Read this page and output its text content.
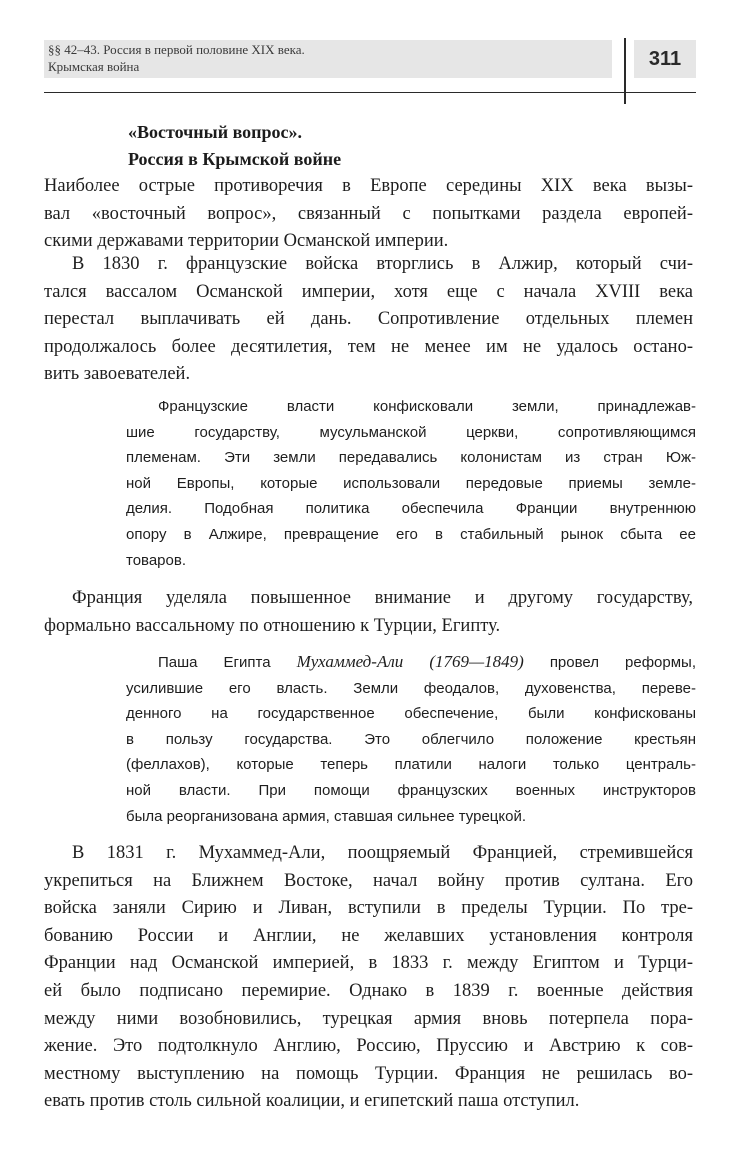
§§ 42–43. Россия в первой половине XIX века.
Крымская война	311
«Восточный вопрос».
Россия в Крымской войне
Наиболее острые противоречия в Европе середины XIX века вызы-
вал «восточный вопрос», связанный с попытками раздела европей-
скими державами территории Османской империи.
В 1830 г. французские войска вторглись в Алжир, который счи-
тался вассалом Османской империи, хотя еще с начала XVIII века
перестал выплачивать ей дань. Сопротивление отдельных племен
продолжалось более десятилетия, тем не менее им не удалось остано-
вить завоевателей.
Французские власти конфисковали земли, принадлежав-
шие государству, мусульманской церкви, сопротивляющимся
племенам. Эти земли передавались колонистам из стран Юж-
ной Европы, которые использовали передовые приемы земле-
делия. Подобная политика обеспечила Франции внутреннюю
опору в Алжире, превращение его в стабильный рынок сбыта ее
товаров.
Франция уделяла повышенное внимание и другому государству,
формально вассальному по отношению к Турции, Египту.
Паша Египта Мухаммед-Али (1769—1849) провел реформы,
усилившие его власть. Земли феодалов, духовенства, переве-
денного на государственное обеспечение, были конфискованы
в пользу государства. Это облегчило положение крестьян
(феллахов), которые теперь платили налоги только централь-
ной власти. При помощи французских военных инструкторов
была реорганизована армия, ставшая сильнее турецкой.
В 1831 г. Мухаммед-Али, поощряемый Францией, стремившейся
укрепиться на Ближнем Востоке, начал войну против султана. Его
войска заняли Сирию и Ливан, вступили в пределы Турции. По тре-
бованию России и Англии, не желавших установления контроля
Франции над Османской империей, в 1833 г. между Египтом и Турци-
ей было подписано перемирие. Однако в 1839 г. военные действия
между ними возобновились, турецкая армия вновь потерпела пора-
жение. Это подтолкнуло Англию, Россию, Пруссию и Австрию к сов-
местному выступлению на помощь Турции. Франция не решилась во-
евать против столь сильной коалиции, и египетский паша отступил.
